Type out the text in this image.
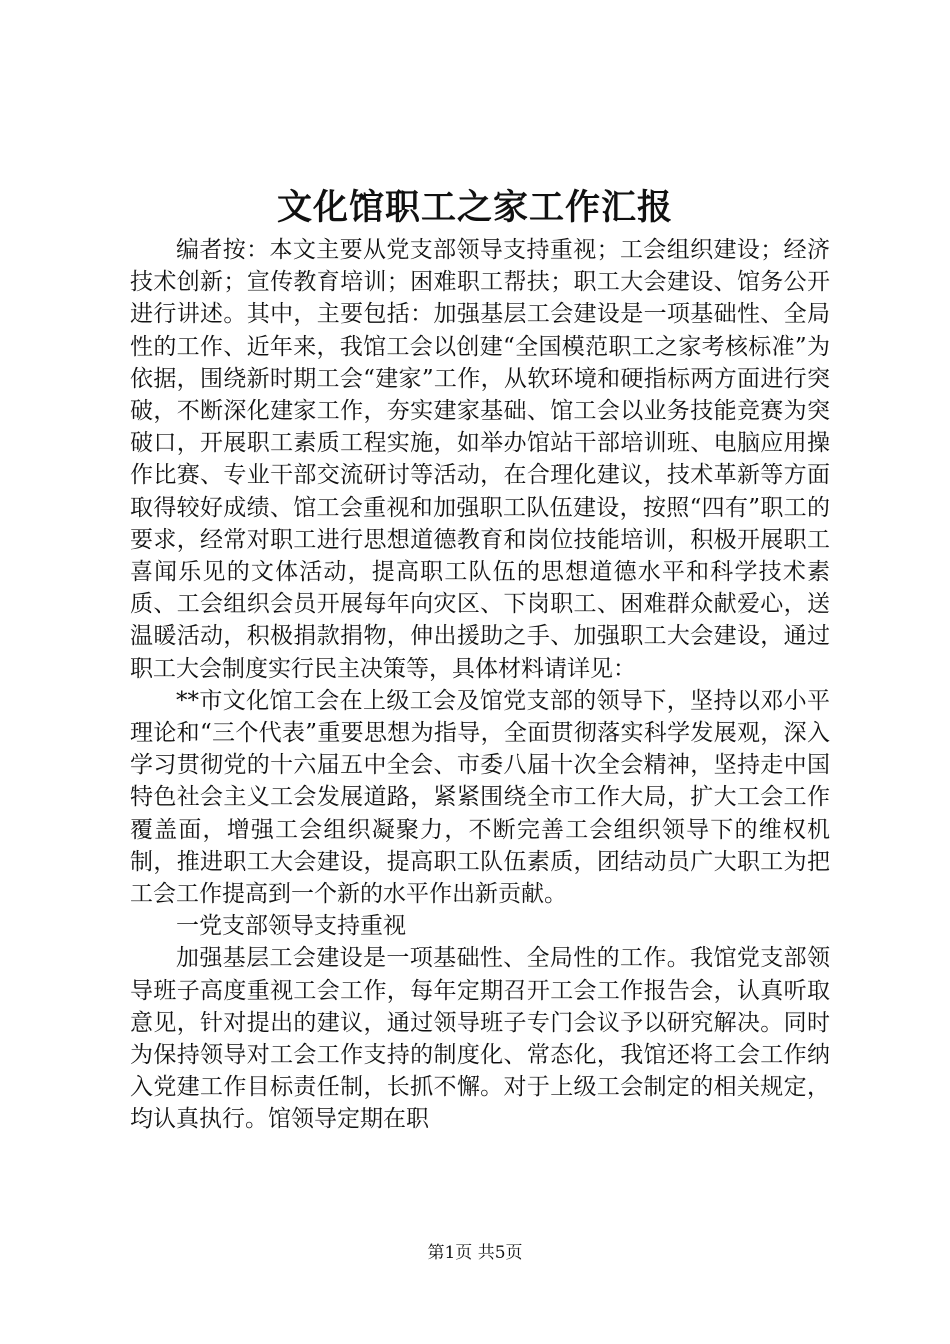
文化馆职工之家工作汇报

编者按：本文主要从党支部领导支持重视；工会组织建设；经济技术创新；宣传教育培训；困难职工帮扶；职工大会建设、馆务公开进行讲述。其中，主要包括：加强基层工会建设是一项基础性、全局性的工作、近年来，我馆工会以创建“全国模范职工之家考核标准”为依据，围绕新时期工会“建家”工作，从软环境和硬指标两方面进行突破，不断深化建家工作，夯实建家基础、馆工会以业务技能竞赛为突破口，开展职工素质工程实施，如举办馆站干部培训班、电脑应用操作比赛、专业干部交流研讨等活动，在合理化建议，技术革新等方面取得较好成绩、馆工会重视和加强职工队伍建设，按照“四有”职工的要求，经常对职工进行思想道德教育和岗位技能培训，积极开展职工喜闻乐见的文体活动，提高职工队伍的思想道德水平和科学技术素质、工会组织会员开展每年向灾区、下岗职工、困难群众献爱心，送温暖活动，积极捐款捐物，伸出援助之手、加强职工大会建设，通过职工大会制度实行民主决策等，具体材料请详见：

**市文化馆工会在上级工会及馆党支部的领导下，坚持以邓小平理论和“三个代表”重要思想为指导，全面贯彻落实科学发展观，深入学习贯彻党的十六届五中全会、市委八届十次全会精神，坚持走中国特色社会主义工会发展道路，紧紧围绕全市工作大局，扩大工会工作覆盖面，增强工会组织凝聚力，不断完善工会组织领导下的维权机制，推进职工大会建设，提高职工队伍素质，团结动员广大职工为把工会工作提高到一个新的水平作出新贡献。

一党支部领导支持重视

加强基层工会建设是一项基础性、全局性的工作。我馆党支部领导班子高度重视工会工作，每年定期召开工会工作报告会，认真听取意见，针对提出的建议，通过领导班子专门会议予以研究解决。同时为保持领导对工会工作支持的制度化、常态化，我馆还将工会工作纳入党建工作目标责任制，长抓不懈。对于上级工会制定的相关规定，均认真执行。馆领导定期在职

第1页 共5页
